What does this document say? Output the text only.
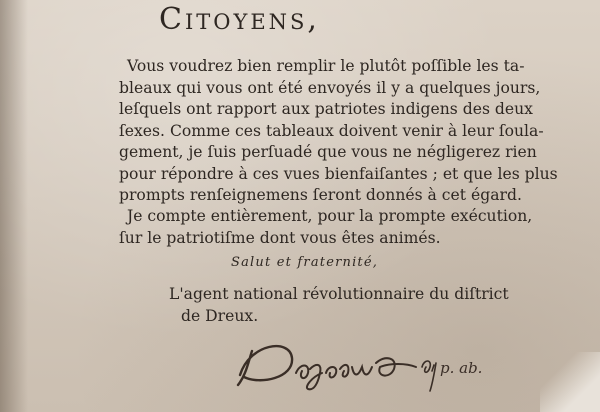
Citoyens,
Vous voudrez bien remplir le plutôt poſſible les ta-
bleaux qui vous ont été envoyés il y a quelques jours,
leſquels ont rapport aux patriotes indigens des deux
ſexes. Comme ces tableaux doivent venir à leur ſoula-
gement, je ſuis perſuadé que vous ne négligerez rien
pour répondre à ces vues bienfaiſantes ; et que les plus
prompts renſeignemens ſeront donnés à cet égard.
Je compte entièrement, pour la prompte exécution,
ſur le patriotiſme dont vous êtes animés.
Salut et fraternité,
L'agent national révolutionnaire du diſtrict
de Dreux.
p. ab.
